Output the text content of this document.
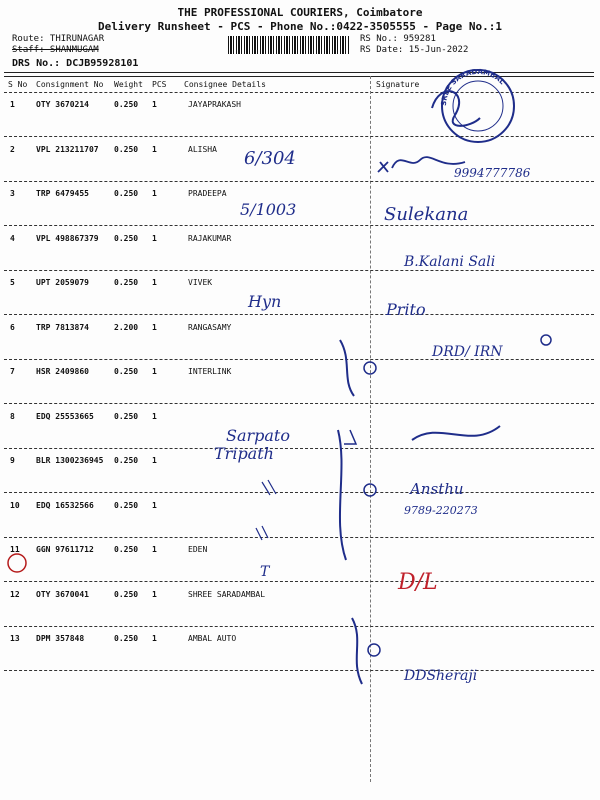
THE PROFESSIONAL COURIERS, Coimbatore
Delivery Runsheet - PCS - Phone No.:0422-3505555 - Page No.:1
Route: THIRUNAGAR
Staff: SHANMUGAM
DRS No.: DCJB95928101
RS No.: 959281
RS Date: 15-Jun-2022
S No Consignment No Weight PCS Consignee Details	Signature
1	OTY 3670214	0.250 1	JAYAPRAKASH
2	VPL 213211707 0.250 1	ALISHA
3	TRP 6479455	0.250 1	PRADEEPA
4	VPL 498867379 0.250 1	RAJAKUMAR
5	UPT 2059079	0.250 1	VIVEK
6	TRP 7813874	2.200 1	RANGASAMY
7	HSR 2409860	0.250 1	INTERLINK
8	EDQ 25553665	0.250 1
9	BLR 1300236945 0.250 1
10 EDQ 16532566	0.250 1
11 GGN 97611712	0.250 1	EDEN
12 OTY 3670041	0.250 1	SHREE SARADAMBAL
13 DPM 357848	0.250 1	AMBAL AUTO
SREE SARADAMBAL
6/304
9994777786
5/1003	Sulekana
B.Kalani Sali
Hyn	Prito
DRD/ IRN
Sarpato
Tripath
Ansthu
9789-220273
T	D/L
DDSheraji
